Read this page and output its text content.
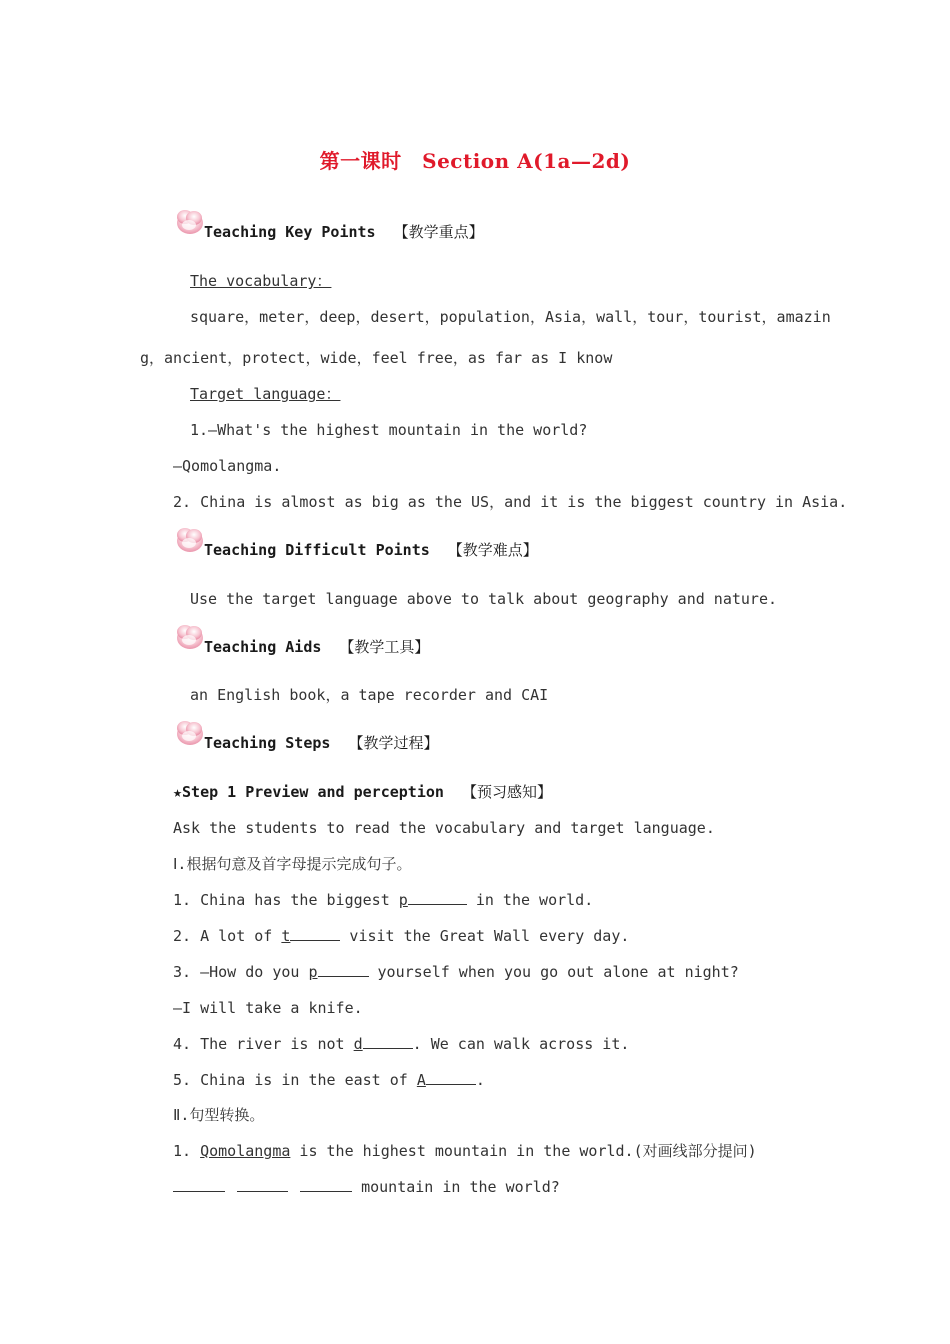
第一课时　Section A(1a—2d)
Teaching Key Points 【教学重点】
The vocabulary：
square，meter，deep，desert，population，Asia，wall，tour，tourist，amazin
g，ancient，protect，wide，feel free，as far as I know
Target language：
1.—What's the highest mountain in the world?
—Qomolangma.
2. China is almost as big as the US，and it is the biggest country in Asia.
Teaching Difficult Points 【教学难点】
Use the target language above to talk about geography and nature.
Teaching Aids 【教学工具】
an English book，a tape recorder and CAI
Teaching Steps 【教学过程】
★Step 1 Preview and perception 【预习感知】
Ask the students to read the vocabulary and target language.
Ⅰ.根据句意及首字母提示完成句子。
1. China has the biggest p	in the world.
2. A lot of t	visit the Great Wall every day.
3. —How do you p	yourself when you go out alone at night?
—I will take a knife.
4. The river is not d	. We can walk across it.
5. China is in the east of A	.
Ⅱ.句型转换。
1. Qomolangma is the highest mountain in the world.(对画线部分提问)
mountain in the world?
